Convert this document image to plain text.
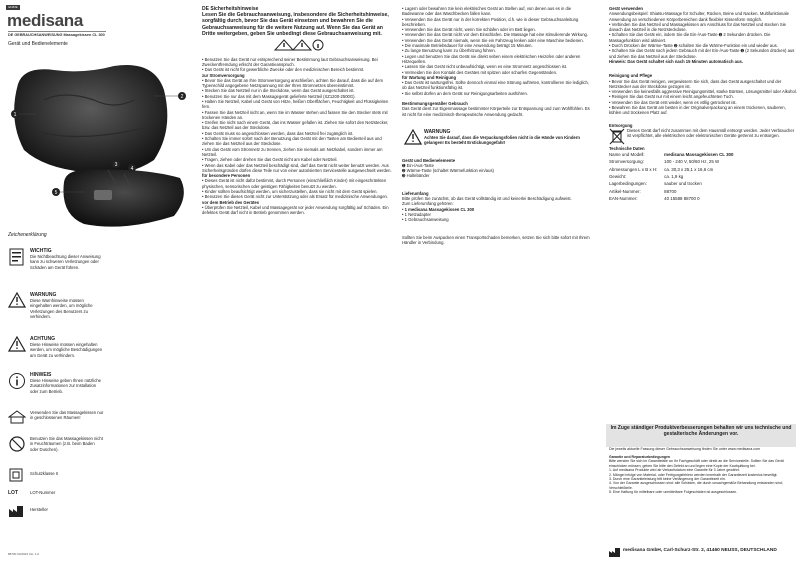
EN/DE
medisana
DE GEBRAUCHSANWEISUNG Massagekissen CL 300
Gerät und Bedienelemente
1
2
3
4
5
Zeichenerklärung
WICHTIG
Die Nichtbeachtung dieser Anweisung kann zu schweren Verletzungen oder Schäden am Gerät führen.
WARNUNG
Diese Warnhinweise müssen eingehalten werden, um mögliche Verletzungen des Benutzers zu verhindern.
ACHTUNG
Diese Hinweise müssen eingehalten werden, um mögliche Beschädigungen am Gerät zu verhindern.
HINWEIS
Diese Hinweise geben Ihnen nützliche Zusatzinformationen zur Installation oder zum Betrieb.
Verwenden Sie das Massagekissen nur in geschlossenen Räumen!
Benutzen Sie das Massagekissen nicht in Feuchträumen (z.B. beim Baden oder Duschen).
Schutzklasse II
LOT	LOT-Nummer
Hersteller
88700 04/2023 Ver. 1.0

DE Sicherheitshinweise

Lesen Sie die Gebrauchsanweisung, insbesondere die Sicherheitshinweise, sorgfältig durch, bevor Sie das Gerät einsetzen und bewahren Sie die Gebrauchsanweisung für die weitere Nutzung auf. Wenn Sie das Gerät an Dritte weitergeben, geben Sie unbedingt diese Gebrauchsanweisung mit.

• Benutzen Sie das Gerät nur entsprechend seiner Bestimmung laut Gebrauchsanweisung. Bei Zweckentfremdung erlischt der Garantieanspruch.

• Das Gerät ist nicht für gewerbliche Zwecke oder den medizinischen Bereich bestimmt.

zur Stromversorgung

• Bevor Sie das Gerät an Ihre Stromversorgung anschließen, achten Sie darauf, dass die auf dem Typenschild angegebene Netzspannung mit der Ihres Stromnetzes übereinstimmt.

• Stecken Sie das Netzteil nur in die Steckdose, wenn das Gerät ausgeschaltet ist.

• Benutzen Sie nur das mit dem Massagegerät gelieferte Netzteil (XZ1200-2500G).

• Halten Sie Netzteil, Kabel und Gerät von Hitze, heißen Oberflächen, Feuchtigkeit und Flüssigkeiten fern.

• Fassen Sie das Netzteil nicht an, wenn Sie im Wasser stehen und fassen Sie den Stecker stets mit trockenen Händen an.

• Greifen Sie nicht nach einem Gerät, das ins Wasser gefallen ist. Ziehen Sie sofort den Netzstecker, bzw. das Netzteil aus der Steckdose.

• Das Gerät muss so angeschlossen werden, dass das Netzteil frei zugänglich ist.

• Schalten Sie immer sofort nach der Benutzung das Gerät mit den Tasten am Bedienteil aus und ziehen Sie das Netzteil aus der Steckdose.

• Um das Gerät vom Stromnetz zu trennen, ziehen Sie niemals am Netzkabel, sondern immer am Netzteil.

• Tragen, ziehen oder drehen Sie das Gerät nicht am Kabel oder Netzteil.

• Wenn das Kabel oder das Netzteil beschädigt sind, darf das Gerät nicht weiter benutzt werden. Aus Sicherheitsgründen dürfen diese Teile nur von einer autorisierten Servicestelle ausgewechselt werden.

für besondere Personen

• Dieses Gerät ist nicht dafür bestimmt, durch Personen (einschließlich Kinder) mit eingeschränkten physischen, sensorischen oder geistigen Fähigkeiten benutzt zu werden.

• Kinder sollten beaufsichtigt werden, um sicherzustellen, dass sie nicht mit dem Gerät spielen.

• Benutzen Sie dieses Gerät nicht zur Unterstützung oder als Ersatz für medizinische Anwendungen.

vor dem Betrieb des Gerätes

• Überprüfen Sie Netzteil, Kabel und Massagegerät vor jeder Anwendung sorgfältig auf Schäden. Ein defektes Gerät darf nicht in Betrieb genommen werden.

• Lagern oder bewahren Sie kein elektrisches Gerät an Stellen auf, von denen aus es in die Badewanne oder das Waschbecken fallen kann.

• Verwenden Sie das Gerät nur in der korrekten Position, d.h. wie in dieser Gebrauchsanleitung beschrieben.

• Verwenden Sie das Gerät nicht, wenn Sie schlafen oder im Bett liegen.

• Verwenden Sie das Gerät nicht vor dem Einschlafen. Die Massage hat eine stimulierende Wirkung.

• Verwenden Sie das Gerät niemals, wenn Sie ein Fahrzeug lenken oder eine Maschine bedienen.

• Die maximale Betriebsdauer für eine Anwendung beträgt 15 Minuten.

• Zu lange Benutzung kann zu Überhitzung führen.

• Legen und benutzen Sie das Gerät nie direkt neben einem elektrischen Heizofen oder anderen Hitzequellen.

• Lassen Sie das Gerät nicht unbeaufsichtigt, wenn es eine Stromnetz angeschlossen ist.

• Vermeiden Sie den Kontakt des Gerätes mit spitzen oder scharfen Gegenständen.

für Wartung und Reinigung

• Das Gerät ist wartungsfrei. Sollte dennoch einmal eine Störung auftreten, kontrollieren Sie lediglich, ob das Netzteil funktionsfähig ist.

• Sie selbst dürfen an dem Gerät nur Reinigungsarbeiten ausführen.

Bestimmungsgemäßer Gebrauch

Das Gerät dient zur Eigenmassage bestimmter Körperteile zur Entspannung und zum Wohlfühlen. Es ist nicht für eine medizinisch-therapeutische Anwendung gedacht.

WARNUNG

Achten Sie darauf, dass die Verpackungsfolien nicht in die Hände von Kindern gelangen! Es besteht Erstickungsgefahr!

Gerät und Bedienelemente

➊ Ein-/Aus-Taste

➋ Wärme-Taste (schaltet Wärmefunktion ein/aus)

➌ Haltebänder

Lieferumfang

Bitte prüfen Sie zunächst, ob das Gerät vollständig ist und keinerlei Beschädigung aufweist.

Zum Lieferumfang gehören:

• 1 medisana Massagekissen CL 300

• 1 Netzadapter

• 1 Gebrauchsanweisung

Sollten Sie beim Auspacken einen Transportschaden bemerken, setzen Sie sich bitte sofort mit Ihrem Händler in Verbindung.

Gerät verwenden

Anwendungsbeispiel: Shiatsu-Massage für Schulter, Rücken, Beine und Nacken. Multifunktionale Anwendung an verschiedenen Körperbereichen dank flexibler Kissenform möglich.

• Verbinden Sie das Netzteil und Massagekissen am Anschluss für das Netzteil und stecken Sie danach das Netzteil in die Netzsteckdose.

• Schalten Sie das Gerät ein, indem Sie die Ein-/Aus-Taste ➊ 2 Sekunden drücken. Die Massagefunktion wird aktiviert.

• Durch Drücken der Wärme-Taste ➋ schalten Sie die Wärme-Funktion ein und wieder aus.

• Schalten Sie das Gerät nach jedem Gebrauch mit der Ein-/Aus-Taste ➊ (2 Sekunden drücken) aus und ziehen Sie das Netzteil aus der Steckdose.

Hinweis: Das Gerät schaltet sich nach 15 Minuten automatisch aus.

Reinigung und Pflege

• Bevor Sie das Gerät reinigen, vergewissern Sie sich, dass das Gerät ausgeschaltet und der Netzstecker aus der Steckdose gezogen ist.

• Verwenden Sie keinesfalls aggressive Reinigungsmittel, starke Bürsten, Lösungsmittel oder Alkohol.

• Reinigen Sie das Gerät nur mit einem leicht angefeuchteten Tuch.

• Verwenden Sie das Gerät erst wieder, wenn es völlig getrocknet ist.

• Bewahren Sie das Gerät am besten in der Originalverpackung an einem trockenen, sauberen, kühlen und trockenen Platz auf.

Entsorgung

Dieses Gerät darf nicht zusammen mit dem Hausmüll entsorgt werden. Jeder Verbraucher ist verpflichtet, alle elektrischen oder elektronischen Geräte getrennt zu entsorgen.

Technische Daten

Name und Modell:	medisana Massagekissen CL 300
Stromversorgung:	100 - 240 V, 50/60 Hz, 25 W
Abmessungen L x B x H:	ca. 30,3 x 25,1 x 16,6 cm
Gewicht:	ca. 1,9 kg
Lagerbedingungen:	sauber und trocken
Artikel-Nummer:	88700
EAN-Nummer:	40 15588 88700 0
Im Zuge ständiger Produktverbesserungen behalten wir uns technische und gestalterische Änderungen vor.
Die jeweils aktuelle Fassung dieser Gebrauchsanweisung finden Sie unter www.medisana.com

Garantie und Reparaturbedingungen

Bitte wenden Sie sich im Garantiefalle an Ihr Fachgeschäft oder direkt an die Servicestelle. Sollten Sie das Gerät einschicken müssen, geben Sie bitte den Defekt an und legen eine Kopie der Kaufquittung bei.

1. Auf medisana Produkte wird ab Verkaufsdatum eine Garantie für 3 Jahre gewährt.

2. Mängel infolge von Material- oder Fertigungsfehlern werden innerhalb der Garantiezeit kostenlos beseitigt.

3. Durch eine Garantieleistung tritt keine Verlängerung der Garantiezeit ein.

4. Von der Garantie ausgeschlossen sind: alle Schäden, die durch unsachgemäße Behandlung entstanden sind; Verschleißteile.

5. Eine Haftung für mittelbare oder unmittelbare Folgeschäden ist ausgeschlossen.

medisana GmbH, Carl-Schurz-Str. 2, 41460 NEUSS, DEUTSCHLAND
